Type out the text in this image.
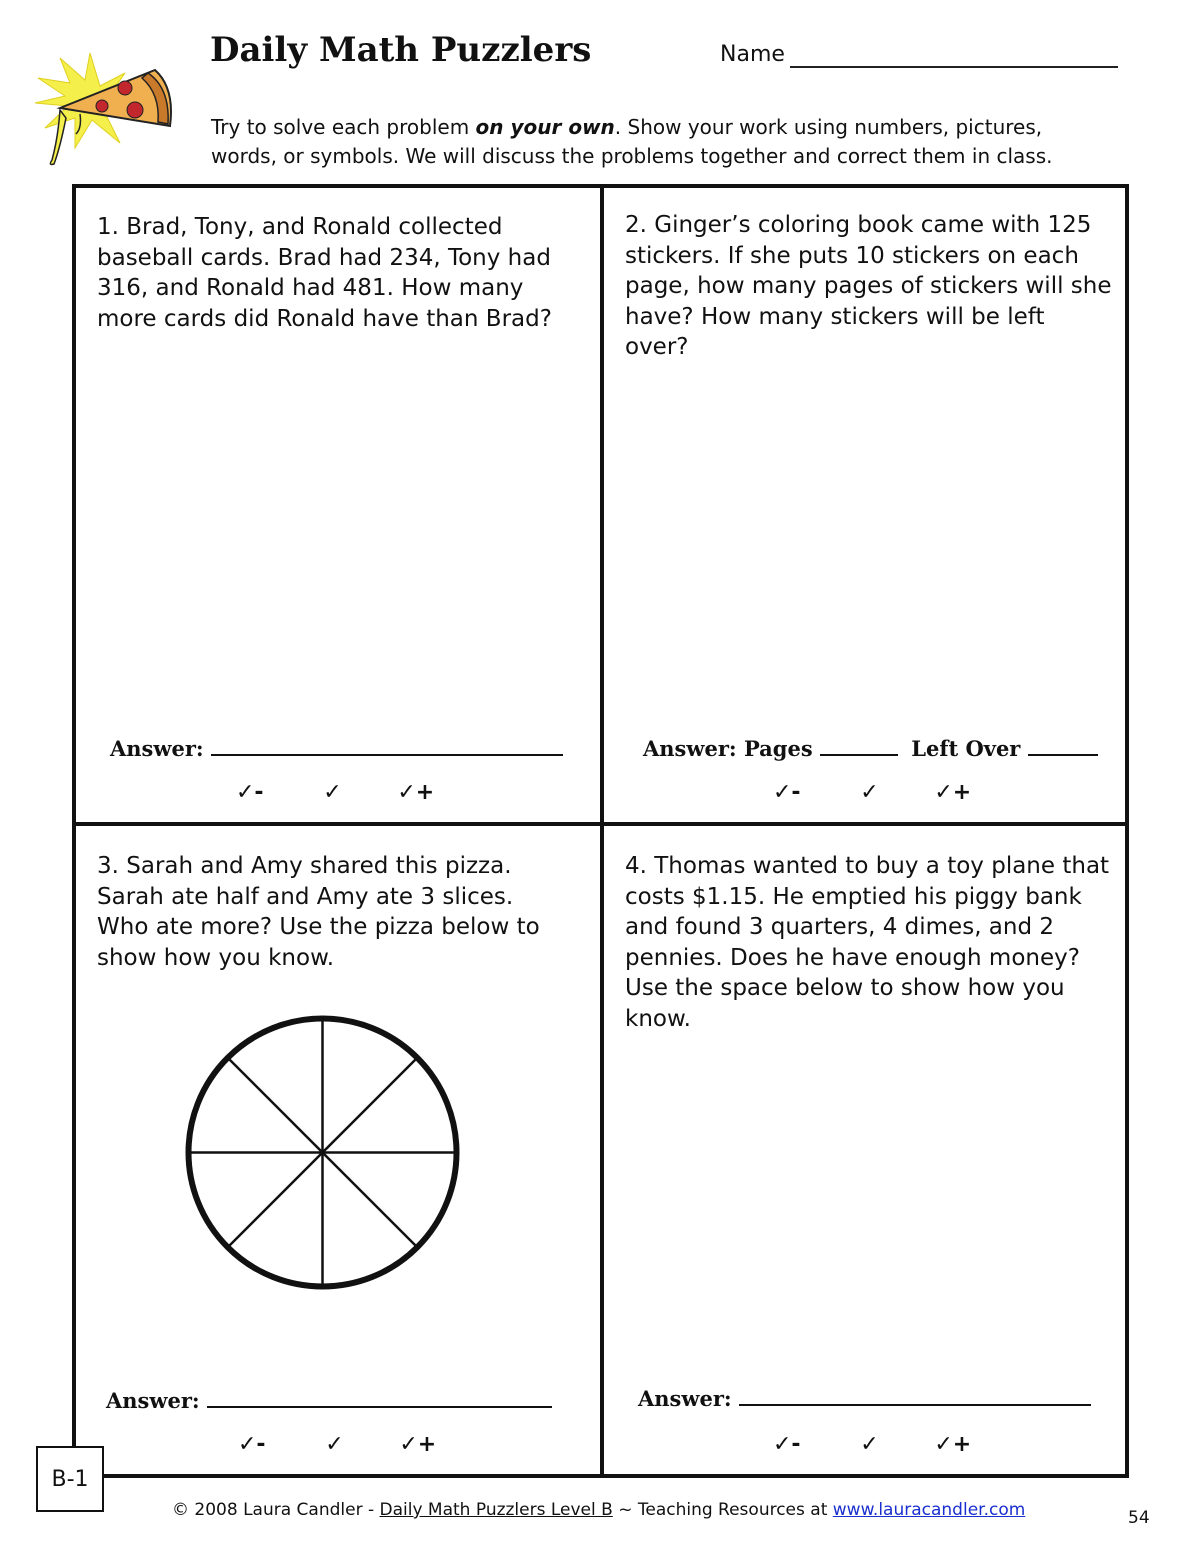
Daily Math Puzzlers	Name
Try to solve each problem on your own. Show your work using numbers, pictures, words, or symbols. We will discuss the problems together and correct them in class.
1. Brad, Tony, and Ronald collected baseball cards. Brad had 234, Tony had 316, and Ronald had 481. How many more cards did Ronald have than Brad?
Answer:
✓-	✓	✓+
2. Ginger’s coloring book came with 125 stickers. If she puts 10 stickers on each page, how many pages of stickers will she have? How many stickers will be left over?
Answer: Pages	Left Over
✓-	✓	✓+
3. Sarah and Amy shared this pizza. Sarah ate half and Amy ate 3 slices. Who ate more? Use the pizza below to show how you know.
Answer:
✓-	✓	✓+
4. Thomas wanted to buy a toy plane that costs $1.15. He emptied his piggy bank and found 3 quarters, 4 dimes, and 2 pennies. Does he have enough money? Use the space below to show how you know.
Answer:
✓-	✓	✓+
B-1
© 2008 Laura Candler - Daily Math Puzzlers Level B ~ Teaching Resources at www.lauracandler.com	54
